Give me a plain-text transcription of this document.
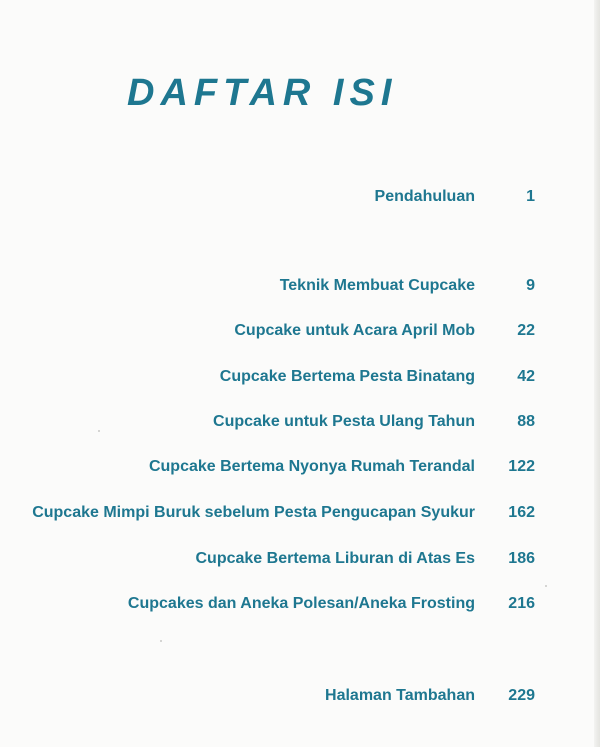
DAFTAR ISI
Pendahuluan	1
Teknik Membuat Cupcake	9
Cupcake untuk Acara April Mob	22
Cupcake Bertema Pesta Binatang	42
Cupcake untuk Pesta Ulang Tahun	88
Cupcake Bertema Nyonya Rumah Terandal 122
Cupcake Mimpi Buruk sebelum Pesta Pengucapan Syukur 162
Cupcake Bertema Liburan di Atas Es 186
Cupcakes dan Aneka Polesan/Aneka Frosting 216
Halaman Tambahan 229
